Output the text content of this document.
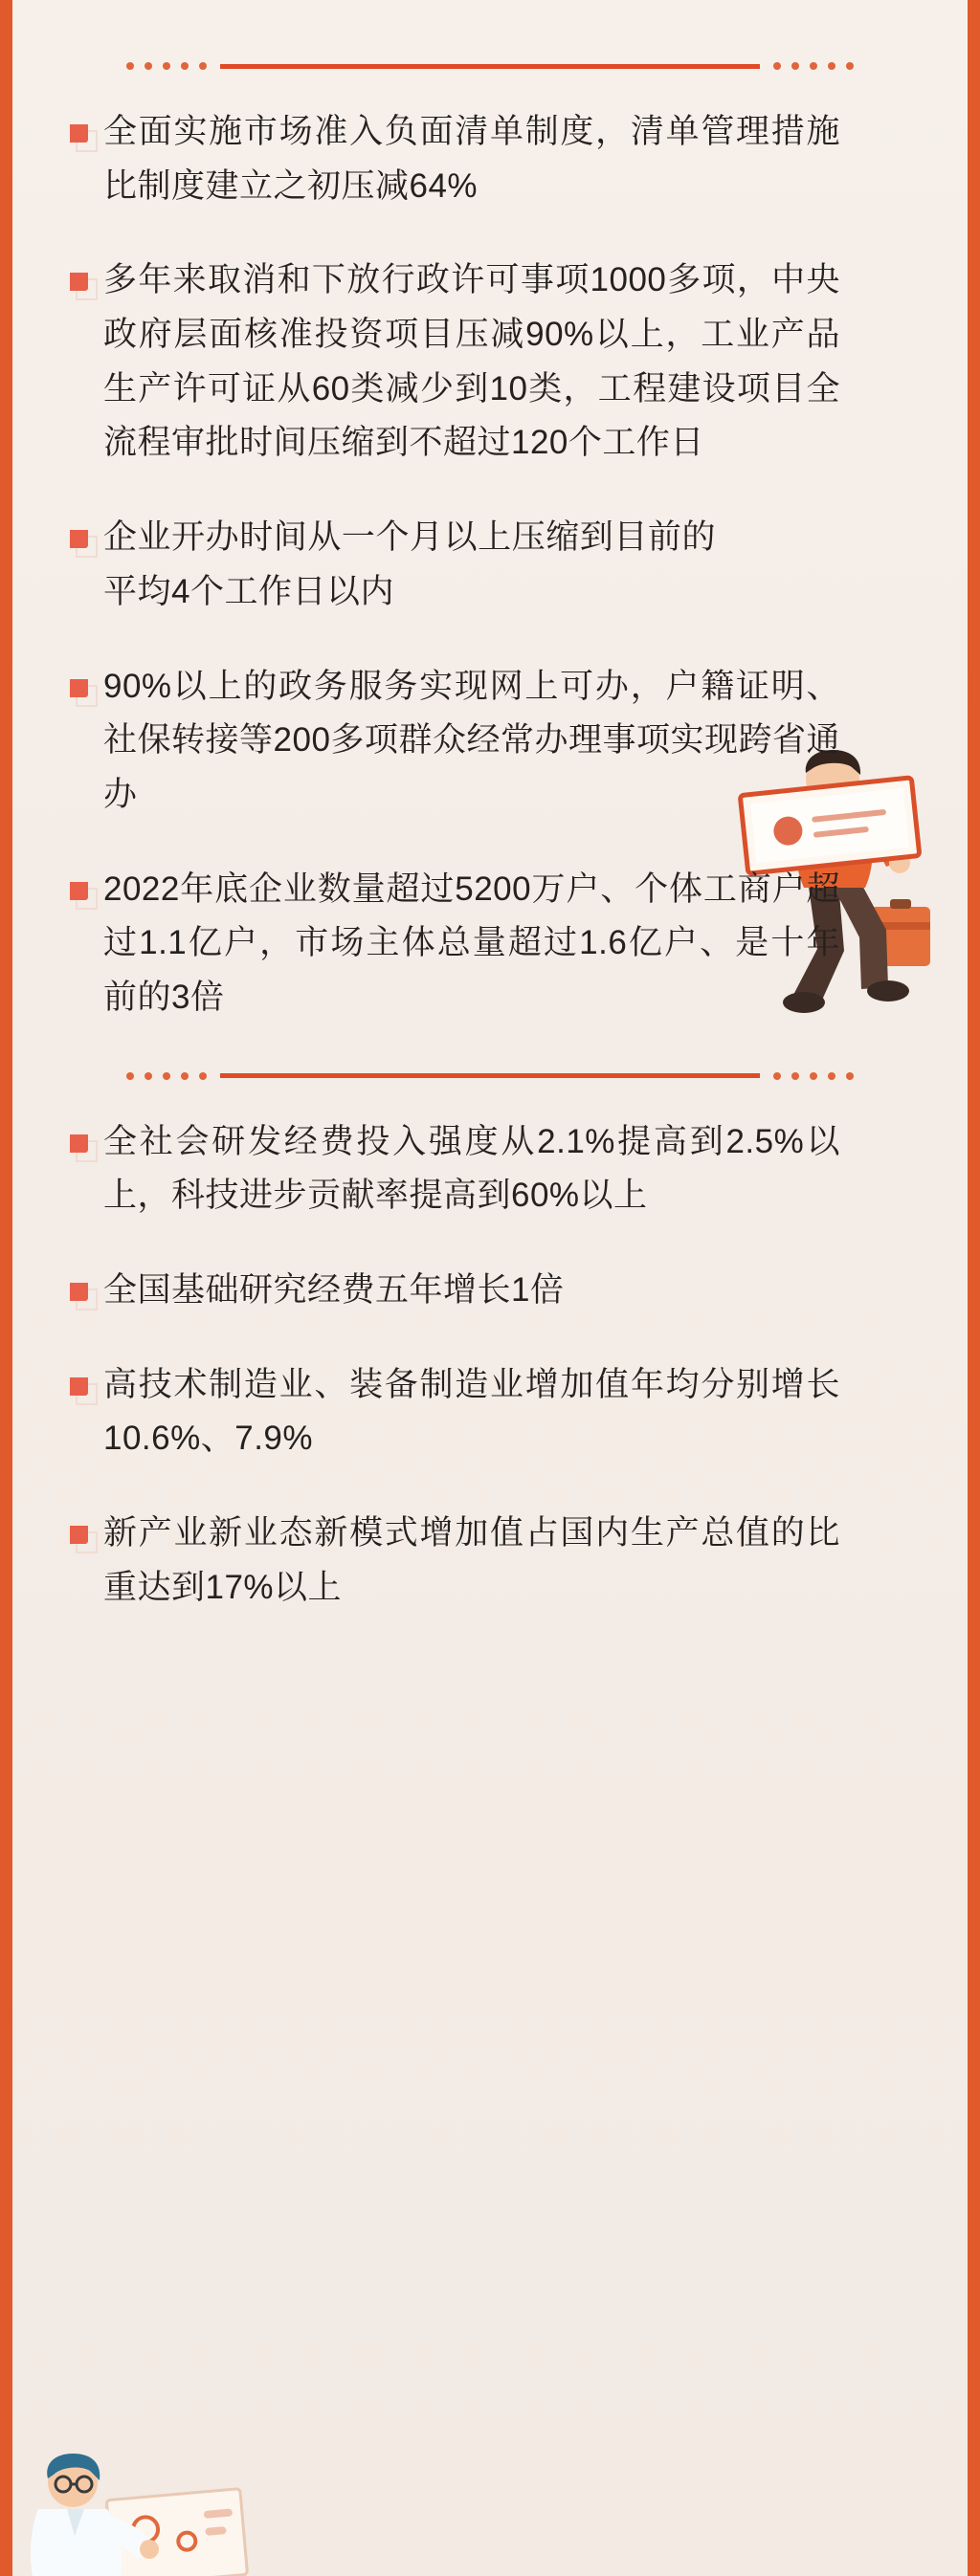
全面实施市场准入负面清单制度，清单管理措施比制度建立之初压减64%
多年来取消和下放行政许可事项1000多项，中央政府层面核准投资项目压减90%以上，工业产品生产许可证从60类减少到10类，工程建设项目全流程审批时间压缩到不超过120个工作日
企业开办时间从一个月以上压缩到目前的平均4个工作日以内
90%以上的政务服务实现网上可办，户籍证明、社保转接等200多项群众经常办理事项实现跨省通办
2022年底企业数量超过5200万户、个体工商户超过1.1亿户，市场主体总量超过1.6亿户、是十年前的3倍
全社会研发经费投入强度从2.1%提高到2.5%以上，科技进步贡献率提高到60%以上
全国基础研究经费五年增长1倍
高技术制造业、装备制造业增加值年均分别增长10.6%、7.9%
新产业新业态新模式增加值占国内生产总值的比重达到17%以上
